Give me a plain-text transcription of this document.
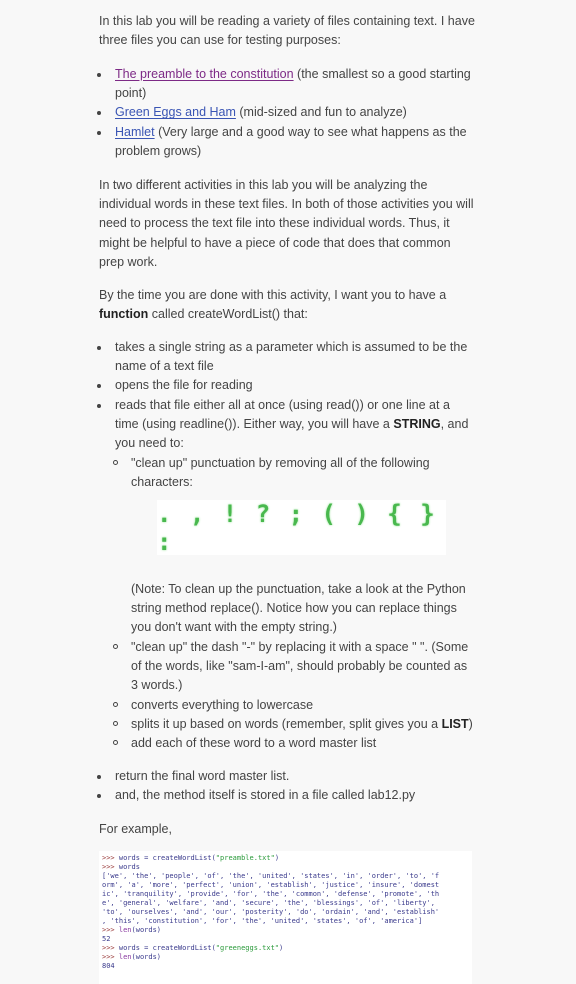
In this lab you will be reading a variety of files containing text. I have three files you can use for testing purposes:

The preamble to the constitution (the smallest so a good starting point)
Green Eggs and Ham (mid-sized and fun to analyze)
Hamlet (Very large and a good way to see what happens as the problem grows)

In two different activities in this lab you will be analyzing the individual words in these text files. In both of those activities you will need to process the text file into these individual words. Thus, it might be helpful to have a piece of code that does that common prep work.

By the time you are done with this activity, I want you to have a function called createWordList() that:

takes a single string as a parameter which is assumed to be the name of a text file
opens the file for reading
reads that file either all at once (using read()) or one line at a time (using readline()). Either way, you will have a STRING, and you need to:
"clean up" punctuation by removing all of the following characters:
. , ! ? ; ( ) { } :

(Note: To clean up the punctuation, take a look at the Python string method replace(). Notice how you can replace things you don't want with the empty string.)

"clean up" the dash "-" by replacing it with a space " ". (Some of the words, like "sam-I-am", should probably be counted as 3 words.)
converts everything to lowercase
splits it up based on words (remember, split gives you a LIST)
add each of these word to a word master list
return the final word master list.
and, the method itself is stored in a file called lab12.py

For example,

>>> words = createWordList("preamble.txt")
>>> words
['we', 'the', 'people', 'of', 'the', 'united', 'states', 'in', 'order', 'to', 'f
orm', 'a', 'more', 'perfect', 'union', 'establish', 'justice', 'insure', 'domest
ic', 'tranquility', 'provide', 'for', 'the', 'common', 'defense', 'promote', 'th
e', 'general', 'welfare', 'and', 'secure', 'the', 'blessings', 'of', 'liberty',
'to', 'ourselves', 'and', 'our', 'posterity', 'do', 'ordain', 'and', 'establish'
, 'this', 'constitution', 'for', 'the', 'united', 'states', 'of', 'america']
>>> len(words)
52
>>> words = createWordList("greeneggs.txt")
>>> len(words)
804
